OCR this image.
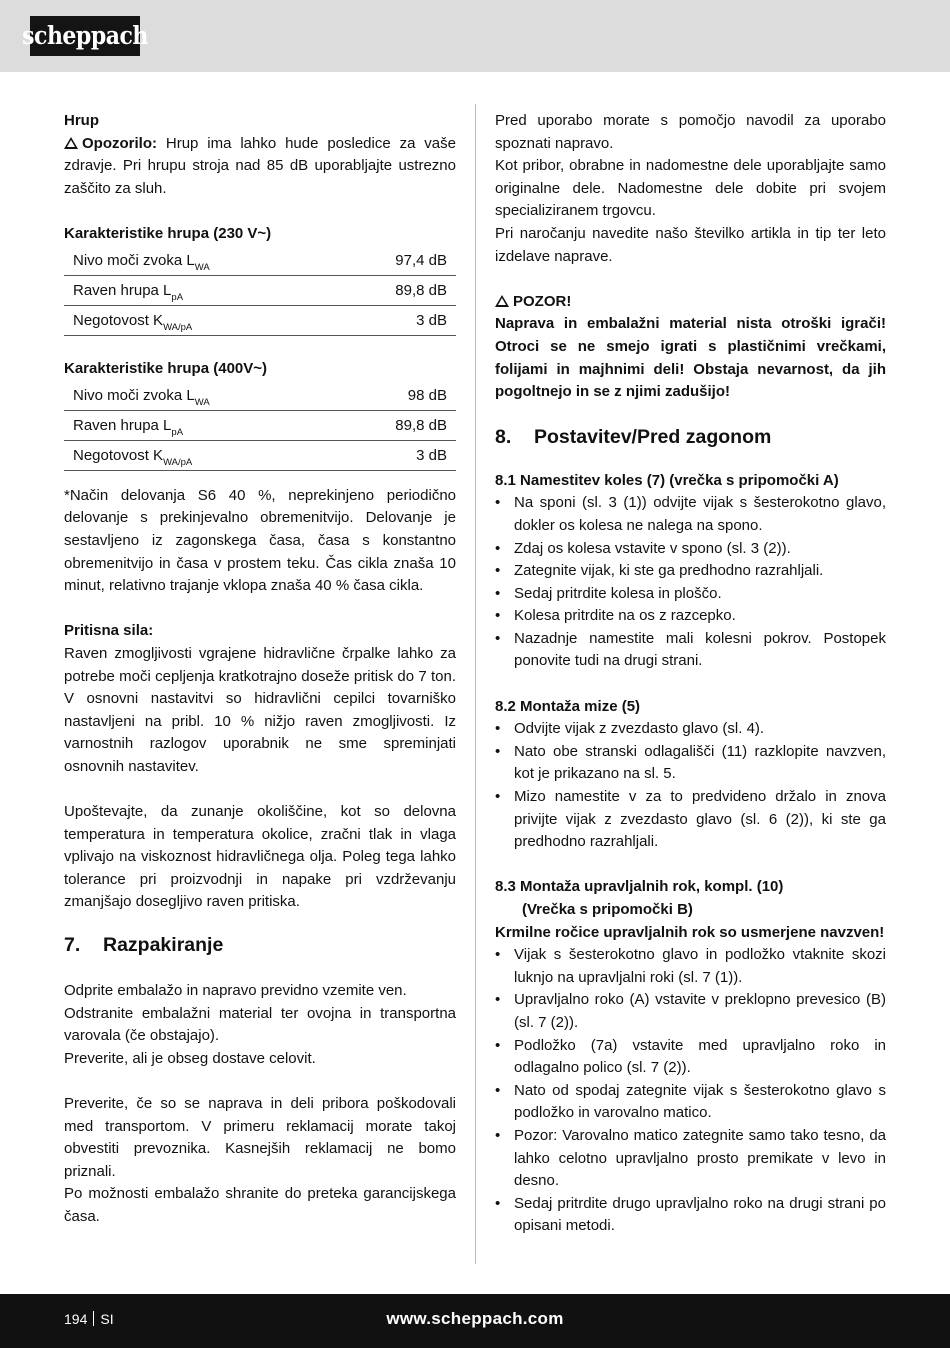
scheppach

Hrup

Opozorilo: Hrup ima lahko hude posledice za vaše zdravje. Pri hrupu stroja nad 85 dB uporabljajte ustrezno zaščito za sluh.

Karakteristike hrupa (230 V~)

Nivo moči zvoka $L_{WA}$	97,4 dB
Raven hrupa $L_{pA}$	89,8 dB
Negotovost $K_{WA/pA}$	3 dB

Karakteristike hrupa (400V~)

Nivo moči zvoka $L_{WA}$	98 dB
Raven hrupa $L_{pA}$	89,8 dB
Negotovost $K_{WA/pA}$	3 dB

*Način delovanja S6 40 %, neprekinjeno periodično delovanje s prekinjevalno obremenitvijo. Delovanje je sestavljeno iz zagonskega časa, časa s konstantno obremenitvijo in časa v prostem teku. Čas cikla znaša 10 minut, relativno trajanje vklopa znaša 40 % časa cikla.

Pritisna sila:

Raven zmogljivosti vgrajene hidravlične črpalke lahko za potrebe moči cepljenja kratkotrajno doseže pritisk do 7 ton. V osnovni nastavitvi so hidravlični cepilci tovarniško nastavljeni na pribl. 10 % nižjo raven zmogljivosti. Iz varnostnih razlogov uporabnik ne sme spreminjati osnovnih nastavitev.

Upoštevajte, da zunanje okoliščine, kot so delovna temperatura in temperatura okolice, zračni tlak in vlaga vplivajo na viskoznost hidravličnega olja. Poleg tega lahko tolerance pri proizvodnji in napake pri vzdrževanju zmanjšajo dosegljivo raven pritiska.

7. Razpakiranje

Odprite embalažo in napravo previdno vzemite ven.

Odstranite embalažni material ter ovojna in transportna varovala (če obstajajo).

Preverite, ali je obseg dostave celovit.

Preverite, če so se naprava in deli pribora poškodovali med transportom. V primeru reklamacij morate takoj obvestiti prevoznika. Kasnejših reklamacij ne bomo priznali.

Po možnosti embalažo shranite do preteka garancijskega časa.

Pred uporabo morate s pomočjo navodil za uporabo spoznati napravo.

Kot pribor, obrabne in nadomestne dele uporabljajte samo originalne dele. Nadomestne dele dobite pri svojem specializiranem trgovcu.

Pri naročanju navedite našo številko artikla in tip ter leto izdelave naprave.

POZOR!

Naprava in embalažni material nista otroški igrači! Otroci se ne smejo igrati s plastičnimi vrečkami, folijami in majhnimi deli! Obstaja nevarnost, da jih pogoltnejo in se z njimi zadušijo!

8. Postavitev/Pred zagonom

8.1 Namestitev koles (7) (vrečka s pripomočki A)

• Na sponi (sl. 3 (1)) odvijte vijak s šesterokotno glavo, dokler os kolesa ne nalega na spono.
• Zdaj os kolesa vstavite v spono (sl. 3 (2)).
• Zategnite vijak, ki ste ga predhodno razrahljali.
• Sedaj pritrdite kolesa in ploščo.
• Kolesa pritrdite na os z razcepko.
• Nazadnje namestite mali kolesni pokrov. Postopek ponovite tudi na drugi strani.

8.2 Montaža mize (5)

• Odvijte vijak z zvezdasto glavo (sl. 4).
• Nato obe stranski odlagališči (11) razklopite navzven, kot je prikazano na sl. 5.
• Mizo namestite v za to predvideno držalo in znova privijte vijak z zvezdasto glavo (sl. 6 (2)), ki ste ga predhodno razrahljali.

8.3 Montaža upravljalnih rok, kompl. (10)

(Vrečka s pripomočki B)

Krmilne ročice upravljalnih rok so usmerjene navzven!

• Vijak s šesterokotno glavo in podložko vtaknite skozi luknjo na upravljalni roki (sl. 7 (1)).
• Upravljalno roko (A) vstavite v preklopno prevesico (B) (sl. 7 (2)).
• Podložko (7a) vstavite med upravljalno roko in odlagalno polico (sl. 7 (2)).
• Nato od spodaj zategnite vijak s šesterokotno glavo s podložko in varovalno matico.
• Pozor: Varovalno matico zategnite samo tako tesno, da lahko celotno upravljalno prosto premikate v levo in desno.
• Sedaj pritrdite drugo upravljalno roko na drugi strani po opisani metodi.
194 SI	www.scheppach.com
